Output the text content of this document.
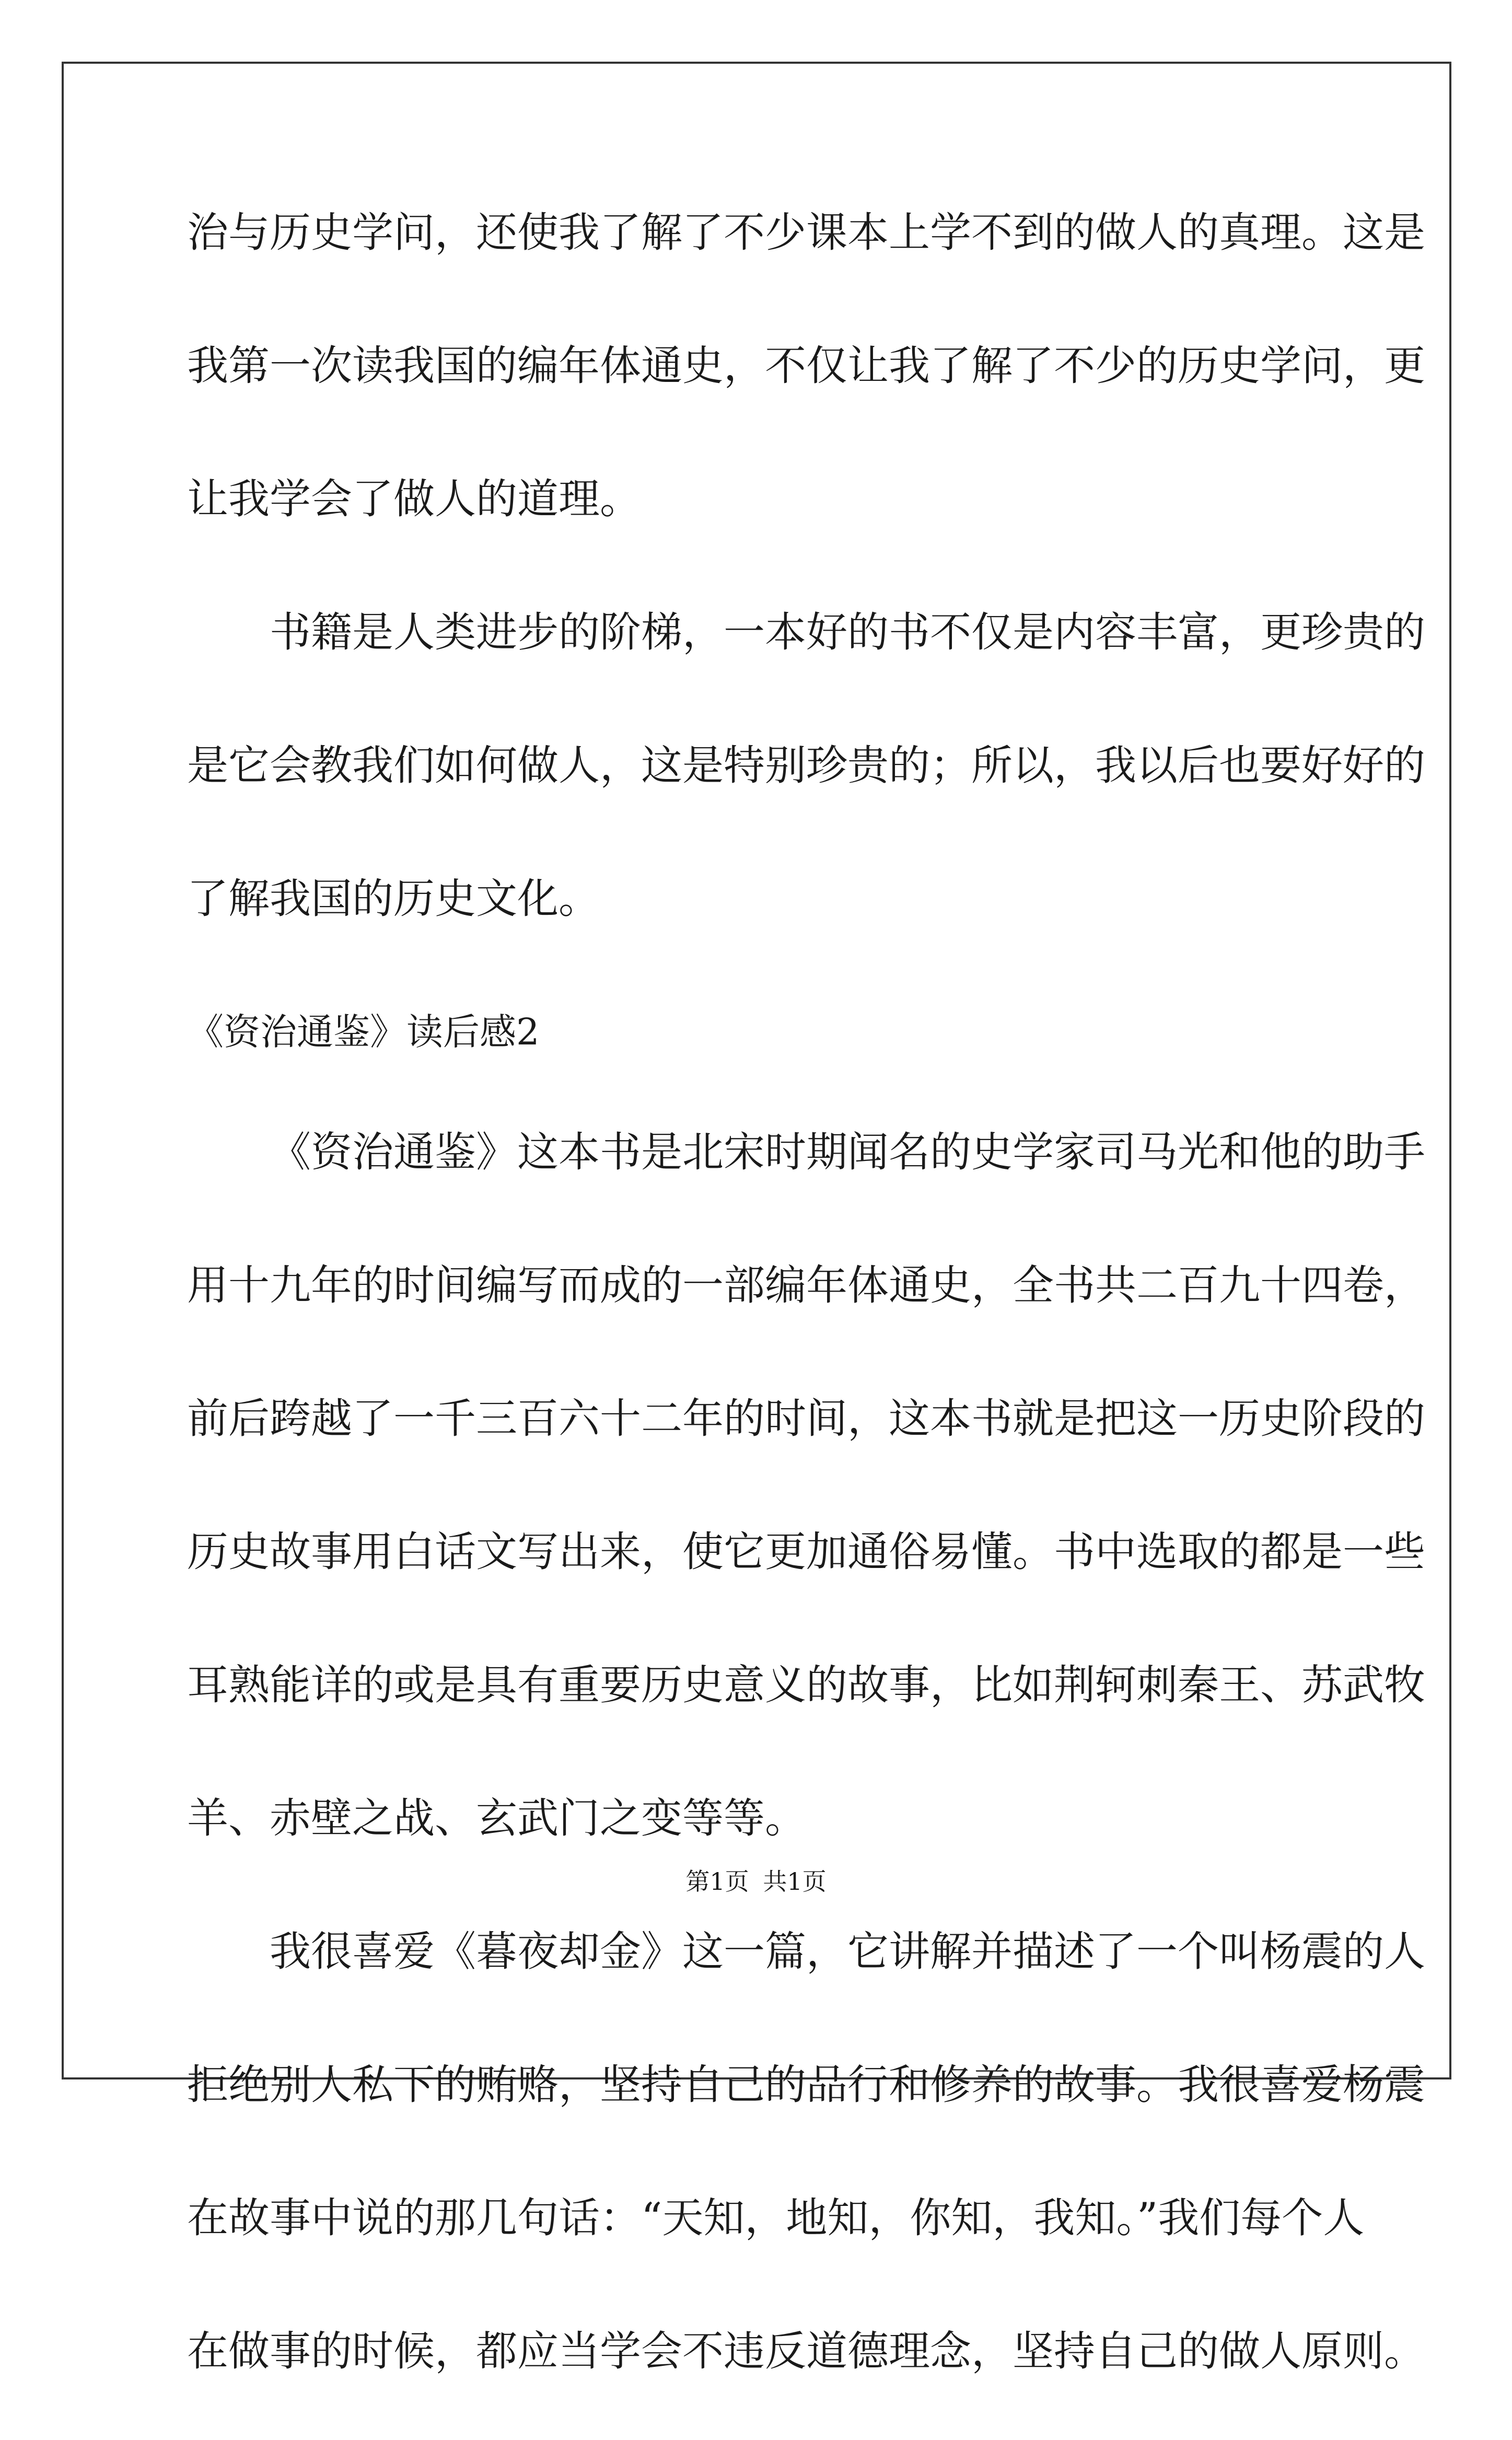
治与历史学问，还使我了解了不少课本上学不到的做人的真理。这是
我第一次读我国的编年体通史，不仅让我了解了不少的历史学问，更
让我学会了做人的道理。
书籍是人类进步的阶梯，一本好的书不仅是内容丰富，更珍贵的
是它会教我们如何做人，这是特别珍贵的；所以，我以后也要好好的
了解我国的历史文化。
《资治通鉴》读后感2
《资治通鉴》这本书是北宋时期闻名的史学家司马光和他的助手
用十九年的时间编写而成的一部编年体通史，全书共二百九十四卷，
前后跨越了一千三百六十二年的时间，这本书就是把这一历史阶段的
历史故事用白话文写出来，使它更加通俗易懂。书中选取的都是一些
耳熟能详的或是具有重要历史意义的故事，比如荆轲刺秦王、苏武牧
羊、赤壁之战、玄武门之变等等。
我很喜爱《暮夜却金》这一篇，它讲解并描述了一个叫杨震的人
拒绝别人私下的贿赂，坚持自己的品行和修养的故事。我很喜爱杨震
在故事中说的那几句话：“天知，地知，你知，我知。”我们每个人
在做事的时候，都应当学会不违反道德理念，坚持自己的做人原则。
第1页 共1页
